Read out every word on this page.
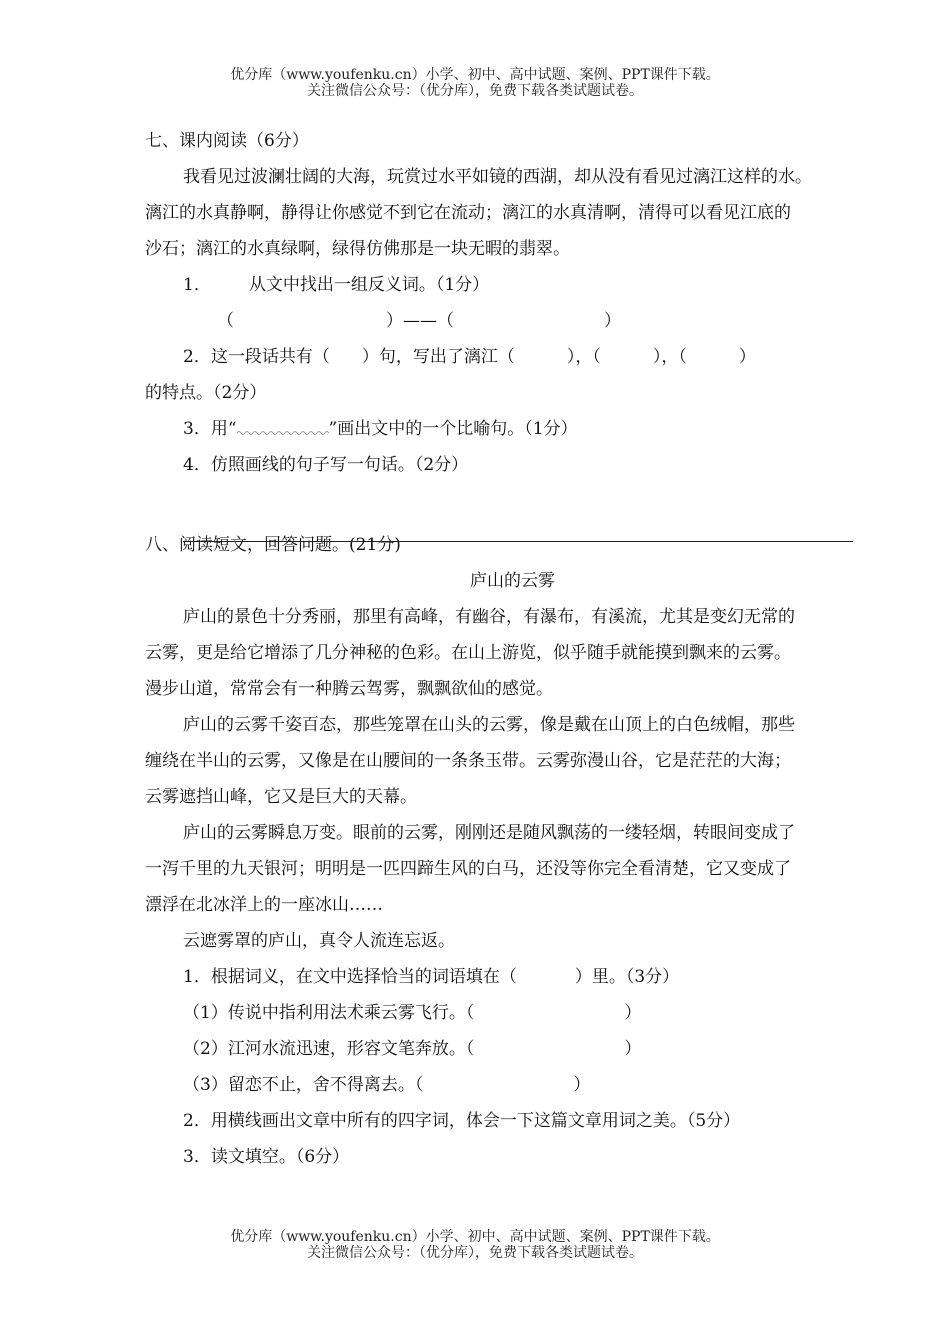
优分库（www.youfenku.cn）小学、初中、高中试题、案例、PPT课件下载。
关注微信公众号：（优分库），免费下载各类试题试卷。
七、课内阅读（6分）
我看见过波澜壮阔的大海，玩赏过水平如镜的西湖，却从没有看见过漓江这样的水。
漓江的水真静啊，静得让你感觉不到它在流动；漓江的水真清啊，清得可以看见江底的
沙石；漓江的水真绿啊，绿得仿佛那是一块无暇的翡翠。
1． 从文中找出一组反义词。（1分）
（	）——（	）
2．这一段话共有（ ）句，写出了漓江（	），（	），（	）
的特点。（2分）
3．用“	”画出文中的一个比喻句。（1分）
4．仿照画线的句子写一句话。（2分）
八、阅读短文，回答问题。(21分)
庐山的云雾
庐山的景色十分秀丽，那里有高峰，有幽谷，有瀑布，有溪流，尤其是变幻无常的
云雾，更是给它增添了几分神秘的色彩。在山上游览，似乎随手就能摸到飘来的云雾。
漫步山道，常常会有一种腾云驾雾，飘飘欲仙的感觉。
庐山的云雾千姿百态，那些笼罩在山头的云雾，像是戴在山顶上的白色绒帽，那些
缠绕在半山的云雾，又像是在山腰间的一条条玉带。云雾弥漫山谷，它是茫茫的大海；
云雾遮挡山峰，它又是巨大的天幕。
庐山的云雾瞬息万变。眼前的云雾，刚刚还是随风飘荡的一缕轻烟，转眼间变成了
一泻千里的九天银河；明明是一匹四蹄生风的白马，还没等你完全看清楚，它又变成了
漂浮在北冰洋上的一座冰山……
云遮雾罩的庐山，真令人流连忘返。
1．根据词义，在文中选择恰当的词语填在（	）里。（3分）
（1）传说中指利用法术乘云雾飞行。（	）
（2）江河水流迅速，形容文笔奔放。（	）
（3）留恋不止，舍不得离去。（	）
2．用横线画出文章中所有的四字词，体会一下这篇文章用词之美。（5分）
3．读文填空。（6分）
优分库（www.youfenku.cn）小学、初中、高中试题、案例、PPT课件下载。
关注微信公众号：（优分库），免费下载各类试题试卷。
